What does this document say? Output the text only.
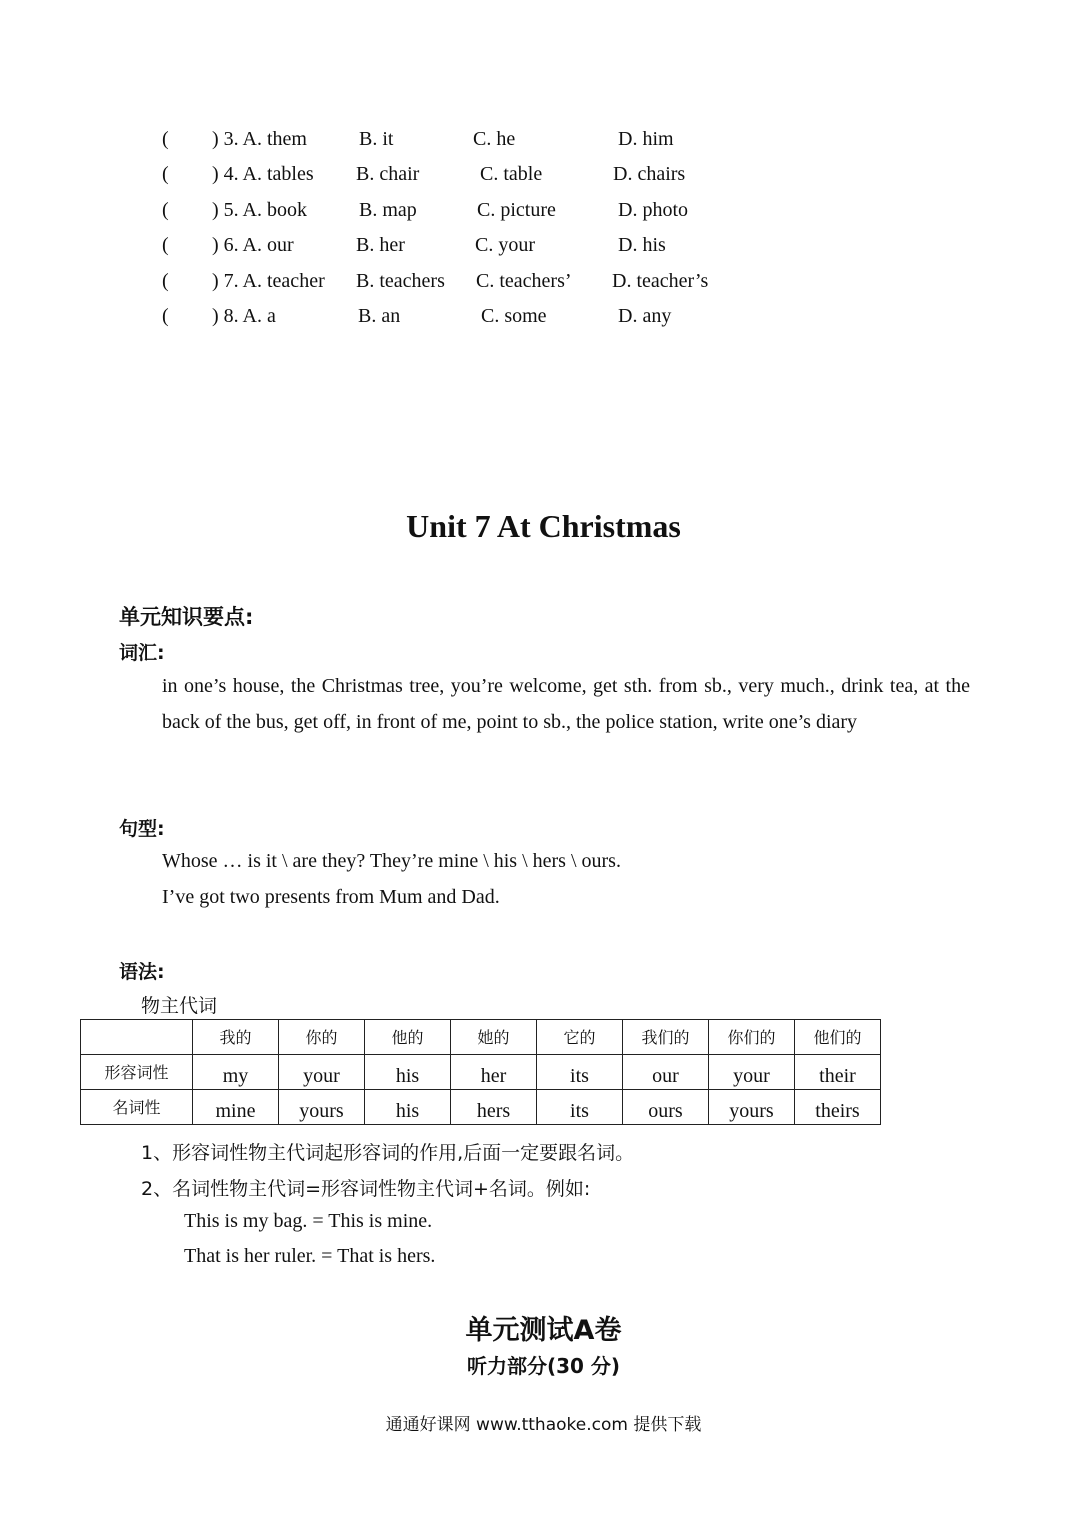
( ) 3. A. them	B. it	C. he	D. him
( ) 4. A. tables B. chair	C. table	D. chairs
( ) 5. A. book	B. map	C. picture	D. photo
( ) 6. A. our	B. her	C. your	D. his
( ) 7. A. teacher B. teachers C. teachers’ D. teacher’s
( ) 8. A. a	B. an	C. some	D. any
Unit 7 At Christmas
单元知识要点:
词汇:
in one’s house, the Christmas tree, you’re welcome, get sth. from sb., very much., drink tea, at the back of the bus, get off, in front of me, point to sb., the police station, write one’s diary
句型:
Whose … is it \ are they? They’re mine \ his \ hers \ ours.
I’ve got two presents from Mum and Dad.
语法:
物主代词
	我的	你的	他的	她的	它的	我们的	你们的	他们的
形容词性	my	your	his	her	its	our	your	their
名词性	mine	yours	his	hers	its	ours	yours	theirs
1、形容词性物主代词起形容词的作用,后面一定要跟名词。
2、名词性物主代词=形容词性物主代词+名词。例如:
This is my bag. = This is mine.
That is her ruler. = That is hers.
单元测试A卷
听力部分(30 分)
通通好课网 www.tthaoke.com 提供下载
